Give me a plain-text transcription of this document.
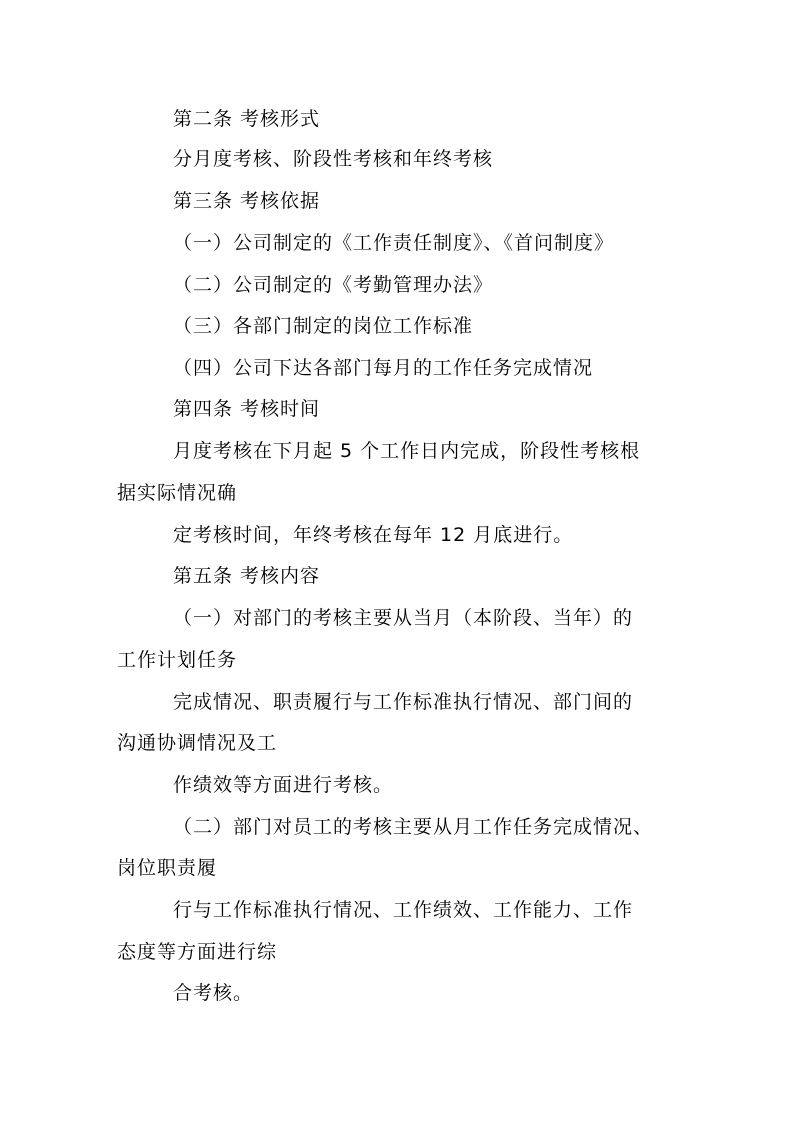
第二条 考核形式
分月度考核、阶段性考核和年终考核
第三条 考核依据
（一）公司制定的《工作责任制度》、《首问制度》
（二）公司制定的《考勤管理办法》
（三）各部门制定的岗位工作标准
（四）公司下达各部门每月的工作任务完成情况
第四条 考核时间
月度考核在下月起 5 个工作日内完成，阶段性考核根
据实际情况确
定考核时间，年终考核在每年 12 月底进行。
第五条 考核内容
（一）对部门的考核主要从当月（本阶段、当年）的
工作计划任务
完成情况、职责履行与工作标准执行情况、部门间的
沟通协调情况及工
作绩效等方面进行考核。
（二）部门对员工的考核主要从月工作任务完成情况、
岗位职责履
行与工作标准执行情况、工作绩效、工作能力、工作
态度等方面进行综
合考核。
